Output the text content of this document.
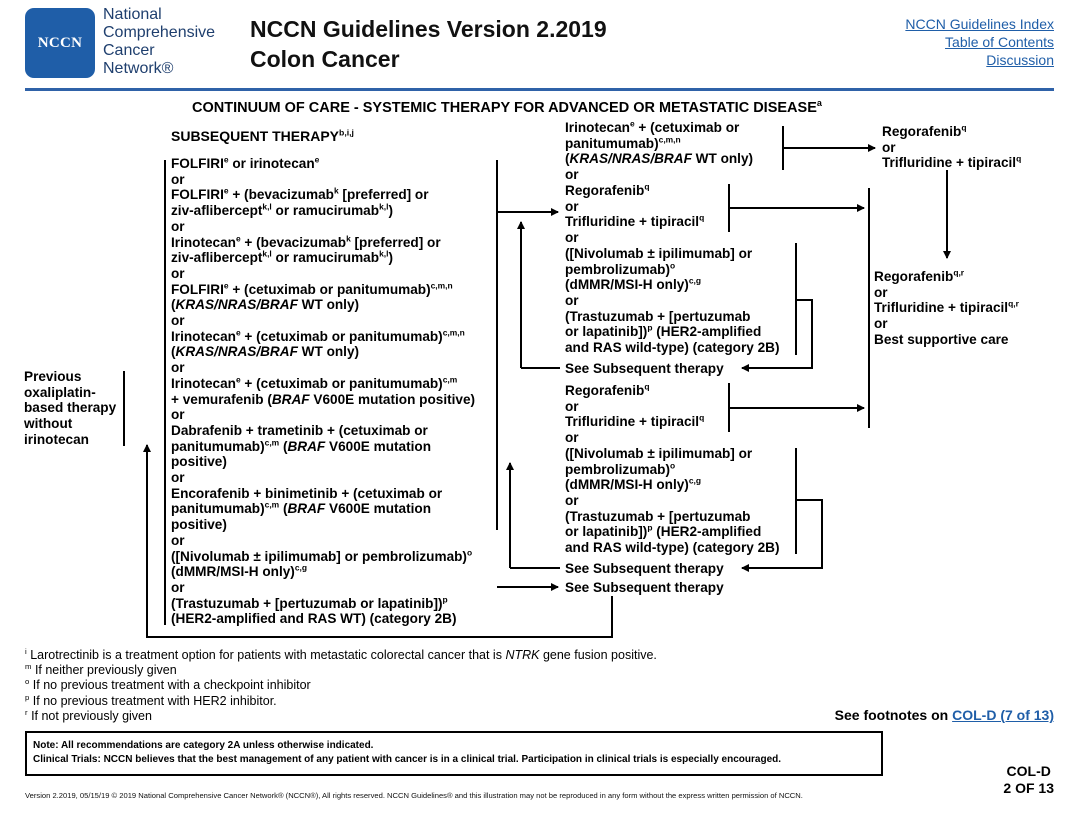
NCCN
National
Comprehensive
Cancer
Network®
NCCN Guidelines Version 2.2019
Colon Cancer
NCCN Guidelines Index
Table of Contents
Discussion
CONTINUUM OF CARE - SYSTEMIC THERAPY FOR ADVANCED OR METASTATIC DISEASE$^a$
SUBSEQUENT THERAPY$^{b,i,j}$
Previous
oxaliplatin-
based therapy
without
irinotecan
FOLFIRI$^e$ or irinotecan$^e$
or
$FOLFIRI^e$ + (bevacizumab$^k$ [preferred] or
ziv-aflibercept$^{k,l}$ or ramucirumab$^{k,l}$)
or
Irinotecan$^e$ + (bevacizumab$^k$ [preferred] or
ziv-aflibercept$^{k,l}$ or ramucirumab$^{k,l}$)
or
$FOLFIRI^e$ + (cetuximab or panitumumab)$^{c,m,n}$
(KRAS/NRAS/BRAF WT only)
or
Irinotecan$^e$ + (cetuximab or panitumumab)$^{c,m,n}$
(KRAS/NRAS/BRAF WT only)
or
Irinotecan$^e$ + (cetuximab or panitumumab)$^{c,m}$
+ vemurafenib (BRAF V600E mutation positive)
or
Dabrafenib + trametinib + (cetuximab or
panitumumab)$^{c,m}$ (BRAF V600E mutation
positive)
or
Encorafenib + binimetinib + (cetuximab or
panitumumab)$^{c,m}$ (BRAF V600E mutation
positive)
or
([Nivolumab ± ipilimumab] or pembrolizumab)$^o$
(dMMR/MSI-H only)$^{c,g}$
or
(Trastuzumab + [pertuzumab or lapatinib])$^p$
(HER2-amplified and RAS WT) (category 2B)
Irinotecan$^e$ + (cetuximab or
panitumumab)$^{c,m,n}$
(KRAS/NRAS/BRAF WT only)
or
Regorafenib$^q$
or
Trifluridine + tipiracil$^q$
or
([Nivolumab ± ipilimumab] or
pembrolizumab)$^o$
(dMMR/MSI-H only)$^{c,g}$
or
(Trastuzumab + [pertuzumab
or lapatinib])$^p$ (HER2-amplified
and RAS wild-type) (category 2B)
See Subsequent therapy
Regorafenib$^q$
or
Trifluridine + tipiracil$^q$
or
([Nivolumab ± ipilimumab] or
pembrolizumab)$^o$
(dMMR/MSI-H only)$^{c,g}$
or
(Trastuzumab + [pertuzumab
or lapatinib])$^p$ (HER2-amplified
and RAS wild-type) (category 2B)
See Subsequent therapy
See Subsequent therapy
Regorafenib$^q$
or
Trifluridine + tipiracil$^q$
Regorafenib$^{q,r}$
or
Trifluridine + tipiracil$^{q,r}$
or
Best supportive care
$^i$ Larotrectinib is a treatment option for patients with metastatic colorectal cancer that is NTRK gene fusion positive.
$^m$ If neither previously given
$^o$ If no previous treatment with a checkpoint inhibitor
$^p$ If no previous treatment with HER2 inhibitor.
$^r$ If not previously given	See footnotes on COL-D (7 of 13)
Note: All recommendations are category 2A unless otherwise indicated.
Clinical Trials: NCCN believes that the best management of any patient with cancer is in a clinical trial. Participation in clinical trials is especially encouraged.
COL-D
2 OF 13
Version 2.2019, 05/15/19 © 2019 National Comprehensive Cancer Network® (NCCN®), All rights reserved. NCCN Guidelines® and this illustration may not be reproduced in any form without the express written permission of NCCN.
